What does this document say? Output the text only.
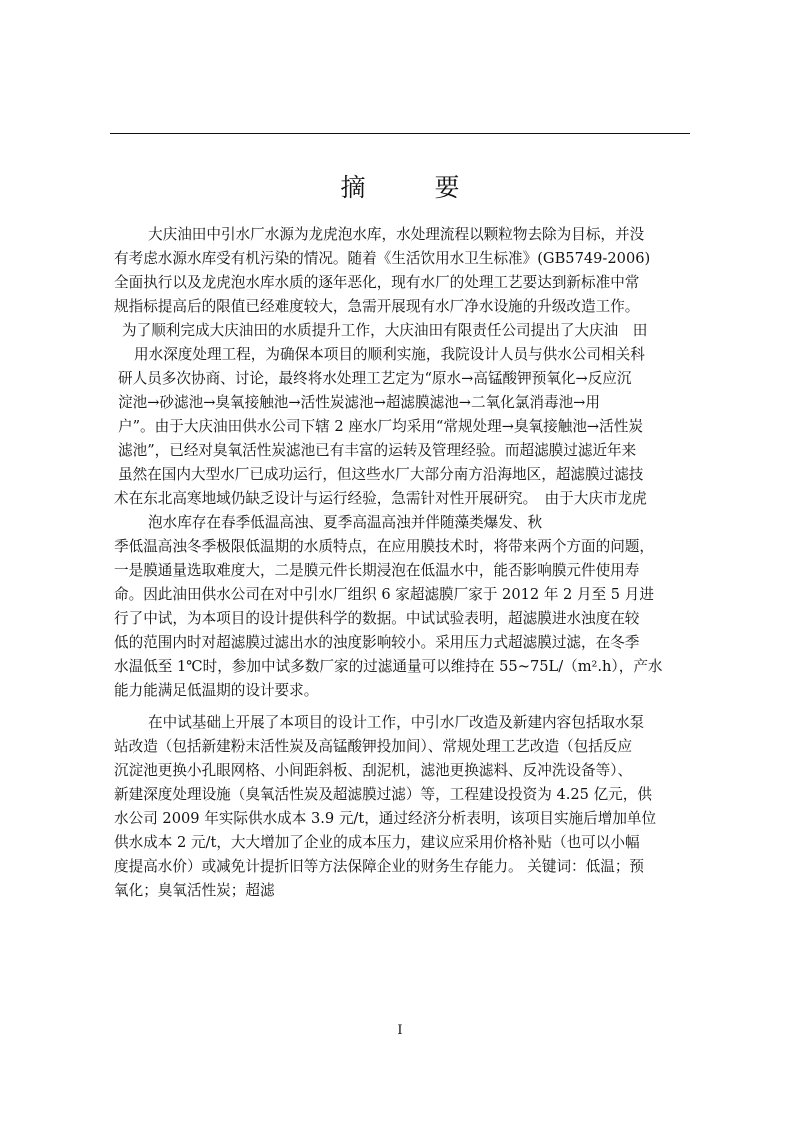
摘　要
大庆油田中引水厂水源为龙虎泡水库，水处理流程以颗粒物去除为目标，并没
有考虑水源水库受有机污染的情况。随着《生活饮用水卫生标准》(GB5749-2006)
全面执行以及龙虎泡水库水质的逐年恶化，现有水厂的处理工艺要达到新标准中常
规指标提高后的限值已经难度较大，急需开展现有水厂净水设施的升级改造工作。
为了顺利完成大庆油田的水质提升工作，大庆油田有限责任公司提出了大庆油　田
用水深度处理工程，为确保本项目的顺利实施，我院设计人员与供水公司相关科
研人员多次协商、讨论，最终将水处理工艺定为“原水→高锰酸钾预氧化→反应沉
淀池→砂滤池→臭氧接触池→活性炭滤池→超滤膜滤池→二氧化氯消毒池→用
户”。由于大庆油田供水公司下辖 2 座水厂均采用“常规处理→臭氧接触池→活性炭
滤池”，已经对臭氧活性炭滤池已有丰富的运转及管理经验。而超滤膜过滤近年来
虽然在国内大型水厂已成功运行，但这些水厂大部分南方沿海地区，超滤膜过滤技
术在东北高寒地域仍缺乏设计与运行经验，急需针对性开展研究。　由于大庆市龙虎
泡水库存在春季低温高浊、夏季高温高浊并伴随藻类爆发、秋
季低温高浊冬季极限低温期的水质特点，在应用膜技术时，将带来两个方面的问题，
一是膜通量选取难度大，二是膜元件长期浸泡在低温水中，能否影响膜元件使用寿
命。因此油田供水公司在对中引水厂组织 6 家超滤膜厂家于 2012 年 2 月至 5 月进
行了中试，为本项目的设计提供科学的数据。中试试验表明，超滤膜进水浊度在较
低的范围内时对超滤膜过滤出水的浊度影响较小。采用压力式超滤膜过滤，在冬季
水温低至 1℃时，参加中试多数厂家的过滤通量可以维持在 55~75L/（m².h），产水
能力能满足低温期的设计要求。
在中试基础上开展了本项目的设计工作，中引水厂改造及新建内容包括取水泵
站改造（包括新建粉末活性炭及高锰酸钾投加间）、常规处理工艺改造（包括反应
沉淀池更换小孔眼网格、小间距斜板、刮泥机，滤池更换滤料、反冲洗设备等）、
新建深度处理设施（臭氧活性炭及超滤膜过滤）等，工程建设投资为 4.25 亿元，供
水公司 2009 年实际供水成本 3.9 元/t，通过经济分析表明，该项目实施后增加单位
供水成本 2 元/t，大大增加了企业的成本压力，建议应采用价格补贴（也可以小幅
度提高水价）或减免计提折旧等方法保障企业的财务生存能力。 关键词：低温；预
氧化；臭氧活性炭；超滤
I
